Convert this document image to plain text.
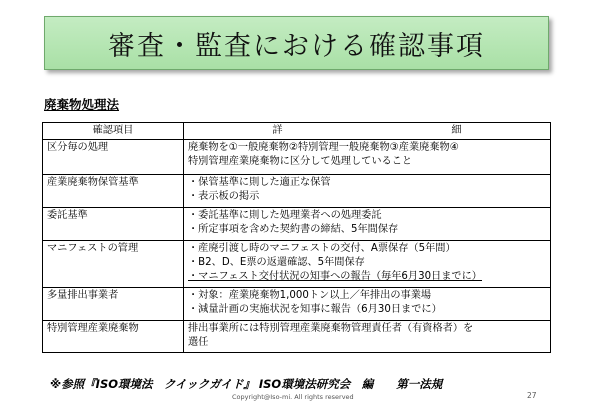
審査・監査における確認事項
廃棄物処理法
確認項目	詳 細

区分毎の処理	廃棄物を①一般廃棄物②特別管理一般廃棄物③産業廃棄物④
特別管理産業廃棄物に区分して処理していること

産業廃棄物保管基準	・保管基準に則した適正な保管
・表示板の掲示

委託基準	・委託基準に則した処理業者への処理委託
・所定事項を含めた契約書の締結、5年間保存

マニフェストの管理	・産廃引渡し時のマニフェストの交付、A票保存（5年間）
・B2、D、E票の返還確認、5年間保存
・マニフェスト交付状況の知事への報告（毎年6月30日までに）

多量排出事業者	・対象：産業廃棄物1,000トン以上／年排出の事業場
・減量計画の実施状況を知事に報告（6月30日までに）

特別管理産業廃棄物	排出事業所には特別管理産業廃棄物管理責任者（有資格者）を
選任
※参照『ISO環境法　クイックガイド』 ISO環境法研究会　編　　第一法規
Copyright@Iso-mi. All rights reserved	27
